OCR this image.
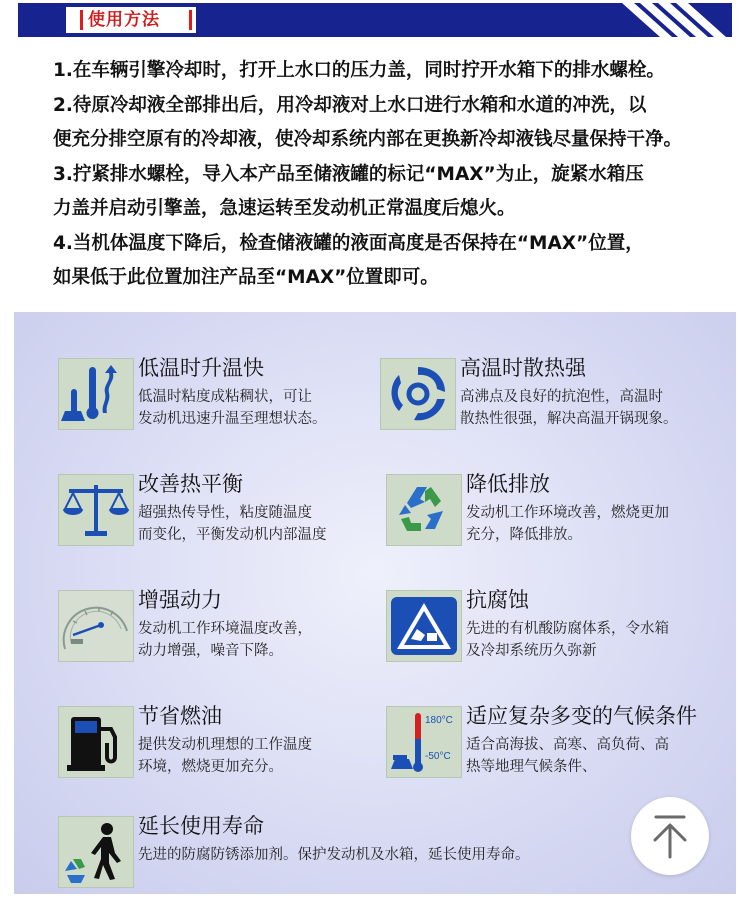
使用方法

1.在车辆引擎冷却时，打开上水口的压力盖，同时拧开水箱下的排水螺栓。

2.待原冷却液全部排出后，用冷却液对上水口进行水箱和水道的冲洗，以

便充分排空原有的冷却液，使冷却系统内部在更换新冷却液钱尽量保持干净。

3.拧紧排水螺栓，导入本产品至储液罐的标记“MAX”为止，旋紧水箱压

力盖并启动引擎盖，急速运转至发动机正常温度后熄火。

4.当机体温度下降后，检查储液罐的液面高度是否保持在“MAX”位置，

如果低于此位置加注产品至“MAX”位置即可。

低温时升温快
低温时粘度成粘稠状，可让
发动机迅速升温至理想状态。
高温时散热强
高沸点及良好的抗泡性，高温时
散热性很强，解决高温开锅现象。
改善热平衡
超强热传导性，粘度随温度
而变化，平衡发动机内部温度
降低排放
发动机工作环境改善，燃烧更加
充分，降低排放。
增强动力
发动机工作环境温度改善，
动力增强，噪音下降。
抗腐蚀
先进的有机酸防腐体系，令水箱
及冷却系统历久弥新
节省燃油
提供发动机理想的工作温度
环境，燃烧更加充分。
180°C
-50°C
适应复杂多变的气候条件
适合高海拔、高寒、高负荷、高
热等地理气候条件、
延长使用寿命
先进的防腐防锈添加剂。保护发动机及水箱，延长使用寿命。
